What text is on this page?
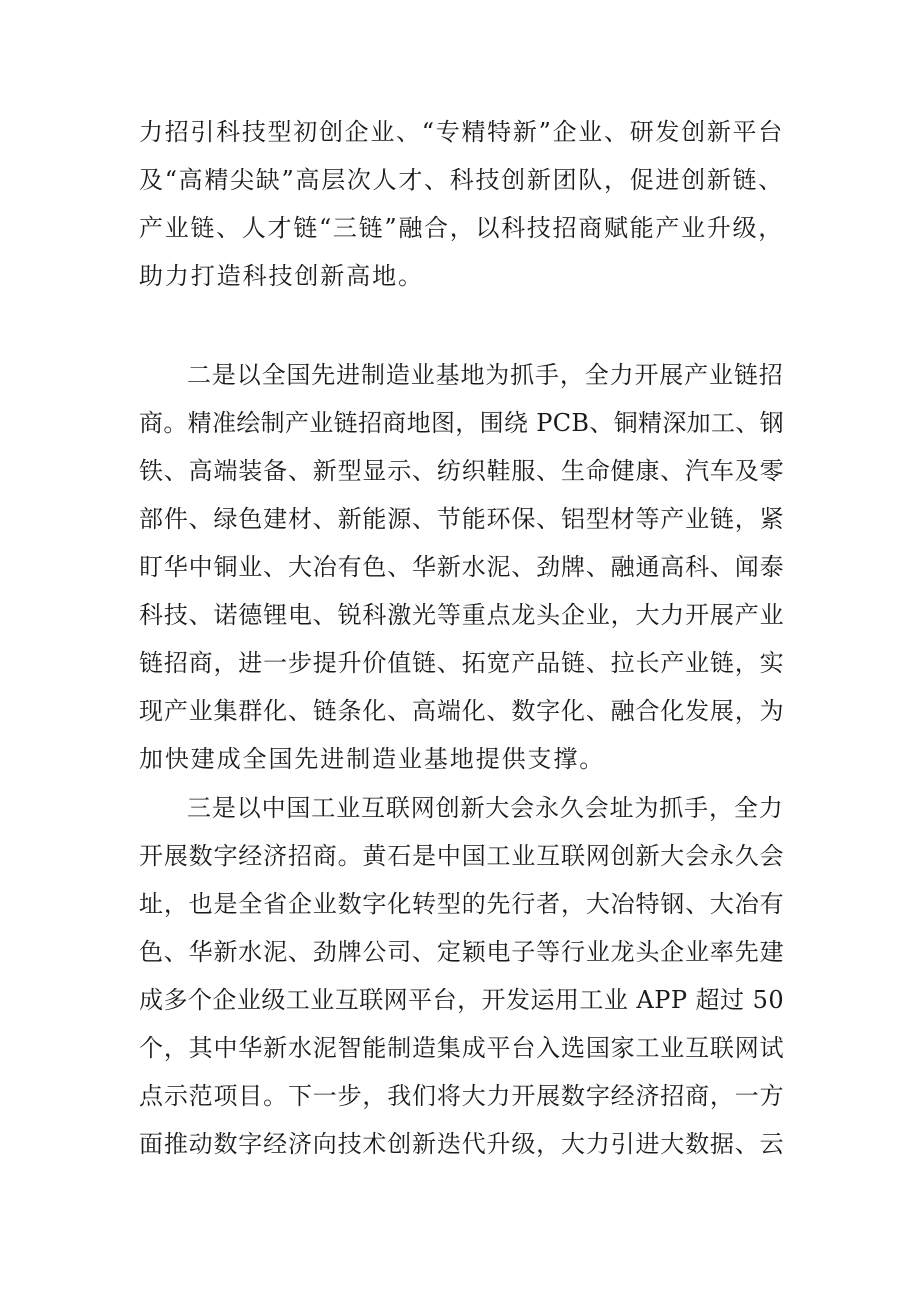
力招引科技型初创企业、“专精特新”企业、研发创新平台
及“高精尖缺”高层次人才、科技创新团队，促进创新链、
产业链、人才链“三链”融合，以科技招商赋能产业升级，
助力打造科技创新高地。
二是以全国先进制造业基地为抓手，全力开展产业链招
商。精准绘制产业链招商地图，围绕 PCB、铜精深加工、钢
铁、高端装备、新型显示、纺织鞋服、生命健康、汽车及零
部件、绿色建材、新能源、节能环保、铝型材等产业链，紧
盯华中铜业、大冶有色、华新水泥、劲牌、融通高科、闻泰
科技、诺德锂电、锐科激光等重点龙头企业，大力开展产业
链招商，进一步提升价值链、拓宽产品链、拉长产业链，实
现产业集群化、链条化、高端化、数字化、融合化发展，为
加快建成全国先进制造业基地提供支撑。
三是以中国工业互联网创新大会永久会址为抓手，全力
开展数字经济招商。黄石是中国工业互联网创新大会永久会
址，也是全省企业数字化转型的先行者，大冶特钢、大冶有
色、华新水泥、劲牌公司、定颖电子等行业龙头企业率先建
成多个企业级工业互联网平台，开发运用工业 APP 超过 50
个，其中华新水泥智能制造集成平台入选国家工业互联网试
点示范项目。下一步，我们将大力开展数字经济招商，一方
面推动数字经济向技术创新迭代升级，大力引进大数据、云
